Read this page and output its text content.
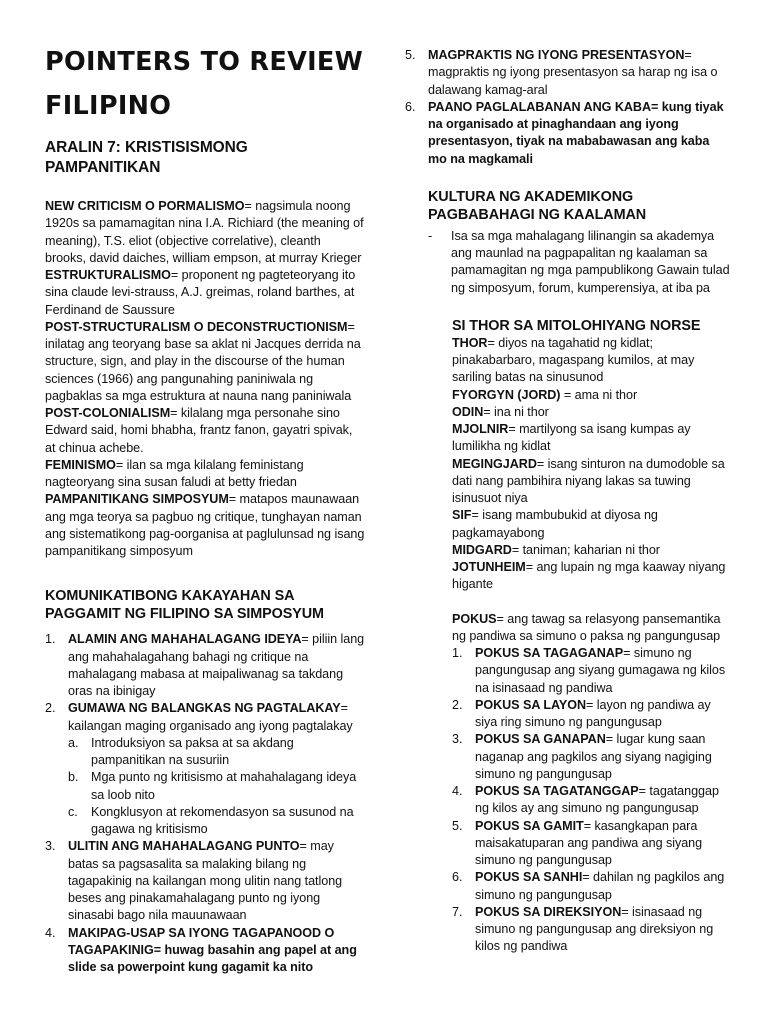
POINTERS TO REVIEW FILIPINO
ARALIN 7: KRISTISISMONG PAMPANITIKAN

NEW CRITICISM O PORMALISMO= nagsimula noong 1920s sa pamamagitan nina I.A. Richiard (the meaning of meaning), T.S. eliot (objective correlative), cleanth brooks, david daiches, william empson, at murray Krieger

ESTRUKTURALISMO= proponent ng pagteteoryang ito sina claude levi-strauss, A.J. greimas, roland barthes, at Ferdinand de Saussure

POST-STRUCTURALISM O DECONSTRUCTIONISM= inilatag ang teoryang base sa aklat ni Jacques derrida na structure, sign, and play in the discourse of the human sciences (1966) ang pangunahing paniniwala ng pagbaklas sa mga estruktura at nauna nang paniniwala

POST-COLONIALISM= kilalang mga personahe sino Edward said, homi bhabha, frantz fanon, gayatri spivak, at chinua achebe.

FEMINISMO= ilan sa mga kilalang feministang nagteoryang sina susan faludi at betty friedan

PAMPANITIKANG SIMPOSYUM= matapos maunawaan ang mga teorya sa pagbuo ng critique, tunghayan naman ang sistematikong pag-oorganisa at paglulunsad ng isang pampanitikang simposyum

KOMUNIKATIBONG KAKAYAHAN SA PAGGAMIT NG FILIPINO SA SIMPOSYUM
1. ALAMIN ANG MAHAHALAGANG IDEYA= piliin lang ang mahahalagahang bahagi ng critique na mahalagang mabasa at maipaliwanag sa takdang oras na ibinigay
2. GUMAWA NG BALANGKAS NG PAGTALAKAY= kailangan maging organisado ang iyong pagtalakay
a. Introduksiyon sa paksa at sa akdang pampanitikan na susuriin
b. Mga punto ng kritisismo at mahahalagang ideya sa loob nito
c. Kongklusyon at rekomendasyon sa susunod na gagawa ng kritisismo
3. ULITIN ANG MAHAHALAGANG PUNTO= may batas sa pagsasalita sa malaking bilang ng tagapakinig na kailangan mong ulitin nang tatlong beses ang pinakamahalagang punto ng iyong sinasabi bago nila mauunawaan
4. MAKIPAG-USAP SA IYONG TAGAPANOOD O TAGAPAKINIG= huwag basahin ang papel at ang slide sa powerpoint kung gagamit ka nito
5. MAGPRAKTIS NG IYONG PRESENTASYON= magpraktis ng iyong presentasyon sa harap ng isa o dalawang kamag-aral
6. PAANO PAGLALABANAN ANG KABA= kung tiyak na organisado at pinaghandaan ang iyong presentasyon, tiyak na mababawasan ang kaba mo na magkamali
KULTURA NG AKADEMIKONG PAGBABAHAGI NG KAALAMAN
- Isa sa mga mahalagang lilinangin sa akademya ang maunlad na pagpapalitan ng kaalaman sa pamamagitan ng mga pampublikong Gawain tulad ng simposyum, forum, kumperensiya, at iba pa
SI THOR SA MITOLOHIYANG NORSE

THOR= diyos na tagahatid ng kidlat; pinakabarbaro, magaspang kumilos, at may sariling batas na sinusunod

FYORGYN (JORD) = ama ni thor

ODIN= ina ni thor

MJOLNIR= martilyong sa isang kumpas ay lumilikha ng kidlat

MEGINGJARD= isang sinturon na dumodoble sa dati nang pambihira niyang lakas sa tuwing isinusuot niya

SIF= isang mambubukid at diyosa ng pagkamayabong

MIDGARD= taniman; kaharian ni thor

JOTUNHEIM= ang lupain ng mga kaaway niyang higante

POKUS= ang tawag sa relasyong pansemantika ng pandiwa sa simuno o paksa ng pangungusap

1. POKUS SA TAGAGANAP= simuno ng pangungusap ang siyang gumagawa ng kilos na isinasaad ng pandiwa
2. POKUS SA LAYON= layon ng pandiwa ay siya ring simuno ng pangungusap
3. POKUS SA GANAPAN= lugar kung saan naganap ang pagkilos ang siyang nagiging simuno ng pangungusap
4. POKUS SA TAGATANGGAP= tagatanggap ng kilos ay ang simuno ng pangungusap
5. POKUS SA GAMIT= kasangkapan para maisakatuparan ang pandiwa ang siyang simuno ng pangungusap
6. POKUS SA SANHI= dahilan ng pagkilos ang simuno ng pangungusap
7. POKUS SA DIREKSIYON= isinasaad ng simuno ng pangungusap ang direksiyon ng kilos ng pandiwa
